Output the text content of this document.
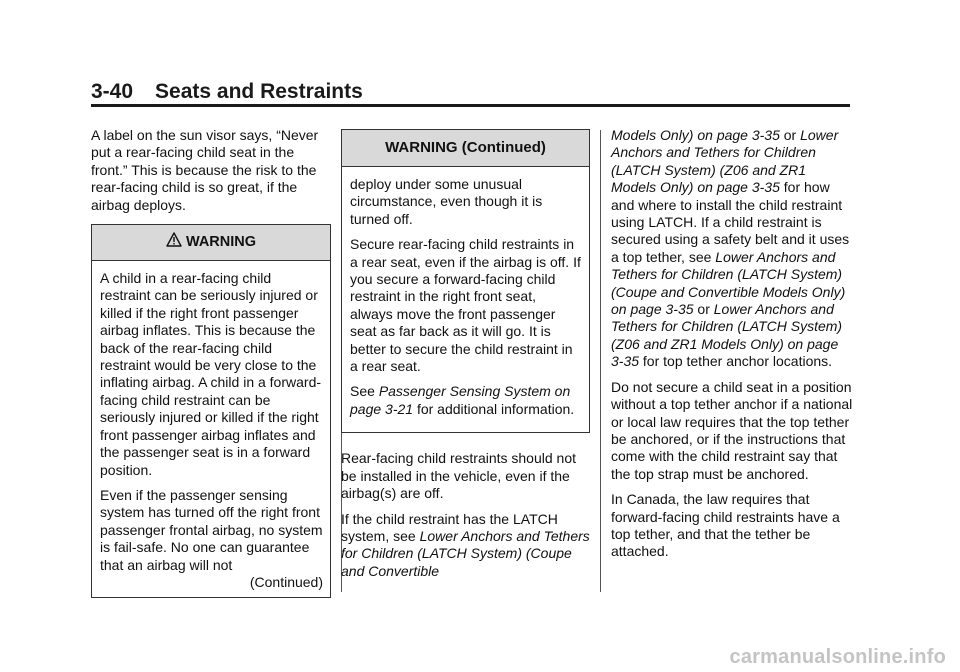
3-40 Seats and Restraints

A label on the sun visor says, “Never put a rear-facing child seat in the front.” This is because the risk to the rear-facing child is so great, if the airbag deploys.

WARNING

A child in a rear-facing child restraint can be seriously injured or killed if the right front passenger airbag inflates. This is because the back of the rear-facing child restraint would be very close to the inflating airbag. A child in a forward-facing child restraint can be seriously injured or killed if the right front passenger airbag inflates and the passenger seat is in a forward position.

Even if the passenger sensing system has turned off the right front passenger frontal airbag, no system is fail-safe. No one can guarantee that an airbag will not

(Continued)
WARNING (Continued)

deploy under some unusual circumstance, even though it is turned off.

Secure rear-facing child restraints in a rear seat, even if the airbag is off. If you secure a forward-facing child restraint in the right front seat, always move the front passenger seat as far back as it will go. It is better to secure the child restraint in a rear seat.

See Passenger Sensing System on page 3-21 for additional information.

Rear-facing child restraints should not be installed in the vehicle, even if the airbag(s) are off.

If the child restraint has the LATCH system, see Lower Anchors and Tethers for Children (LATCH System) (Coupe and Convertible

Models Only) on page 3-35 or Lower Anchors and Tethers for Children (LATCH System) (Z06 and ZR1 Models Only) on page 3-35 for how and where to install the child restraint using LATCH. If a child restraint is secured using a safety belt and it uses a top tether, see Lower Anchors and Tethers for Children (LATCH System) (Coupe and Convertible Models Only) on page 3-35 or Lower Anchors and Tethers for Children (LATCH System) (Z06 and ZR1 Models Only) on page 3-35 for top tether anchor locations.

Do not secure a child seat in a position without a top tether anchor if a national or local law requires that the top tether be anchored, or if the instructions that come with the child restraint say that the top strap must be anchored.

In Canada, the law requires that forward-facing child restraints have a top tether, and that the tether be attached.

carmanualsonline.info
